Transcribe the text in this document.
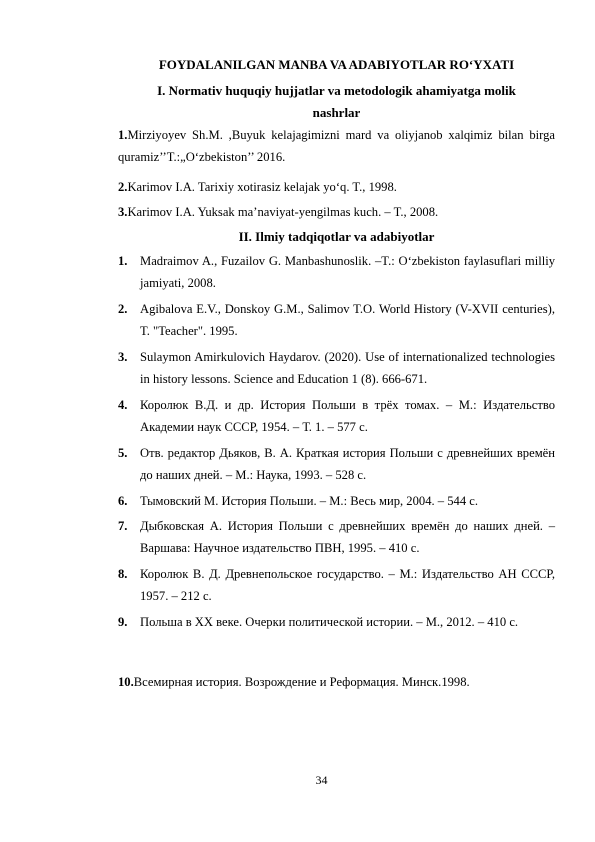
FOYDALANILGAN MANBA VA ADABIYOTLAR RO‘YXATI
I. Normativ huquqiy hujjatlar va metodologik ahamiyatga molik
nashrlar
1.Mirziyoyev Sh.M. ,Buyuk kelajagimizni mard va oliyjanob xalqimiz bilan birga quramiz’’T.:„O‘zbekiston’’ 2016.
2.Karimov I.A. Tarixiy xotirasiz kelajak yo‘q. T., 1998.
3.Karimov I.A. Yuksak ma’naviyat-yengilmas kuch. – T., 2008.
II. Ilmiy tadqiqotlar va adabiyotlar
1. Madraimov A., Fuzailov G. Manbashunoslik. –T.: O‘zbekiston faylasuflari milliy jamiyati, 2008.
2. Agibalova E.V., Donskoy G.M., Salimov T.O. World History (V-XVII centuries), T. "Teacher". 1995.
3. Sulaymon Amirkulovich Haydarov. (2020). Use of internationalized technologies in history lessons. Science and Education 1 (8). 666-671.
4. Королюк В.Д. и др. История Польши в трёх томах. – М.: Издательство Академии наук СССР, 1954. – Т. 1. – 577 с.
5. Отв. редактор Дьяков, В. А. Краткая история Польши с древнейших времён до наших дней. – М.: Наука, 1993. – 528 с.
6. Тымовский М. История Польши. – М.: Весь мир, 2004. – 544 с.
7. Дыбковская А. История Польши с древнейших времён до наших дней. – Варшава: Научное издательство ПВН, 1995. – 410 с.
8. Королюк В. Д. Древнепольское государство. – М.: Издательство АН СССР, 1957. – 212 с.
9. Польша в XX веке. Очерки политической истории. – М., 2012. – 410 с.
10.Всемирная история. Возрождение и Реформация. Минск.1998.
34
